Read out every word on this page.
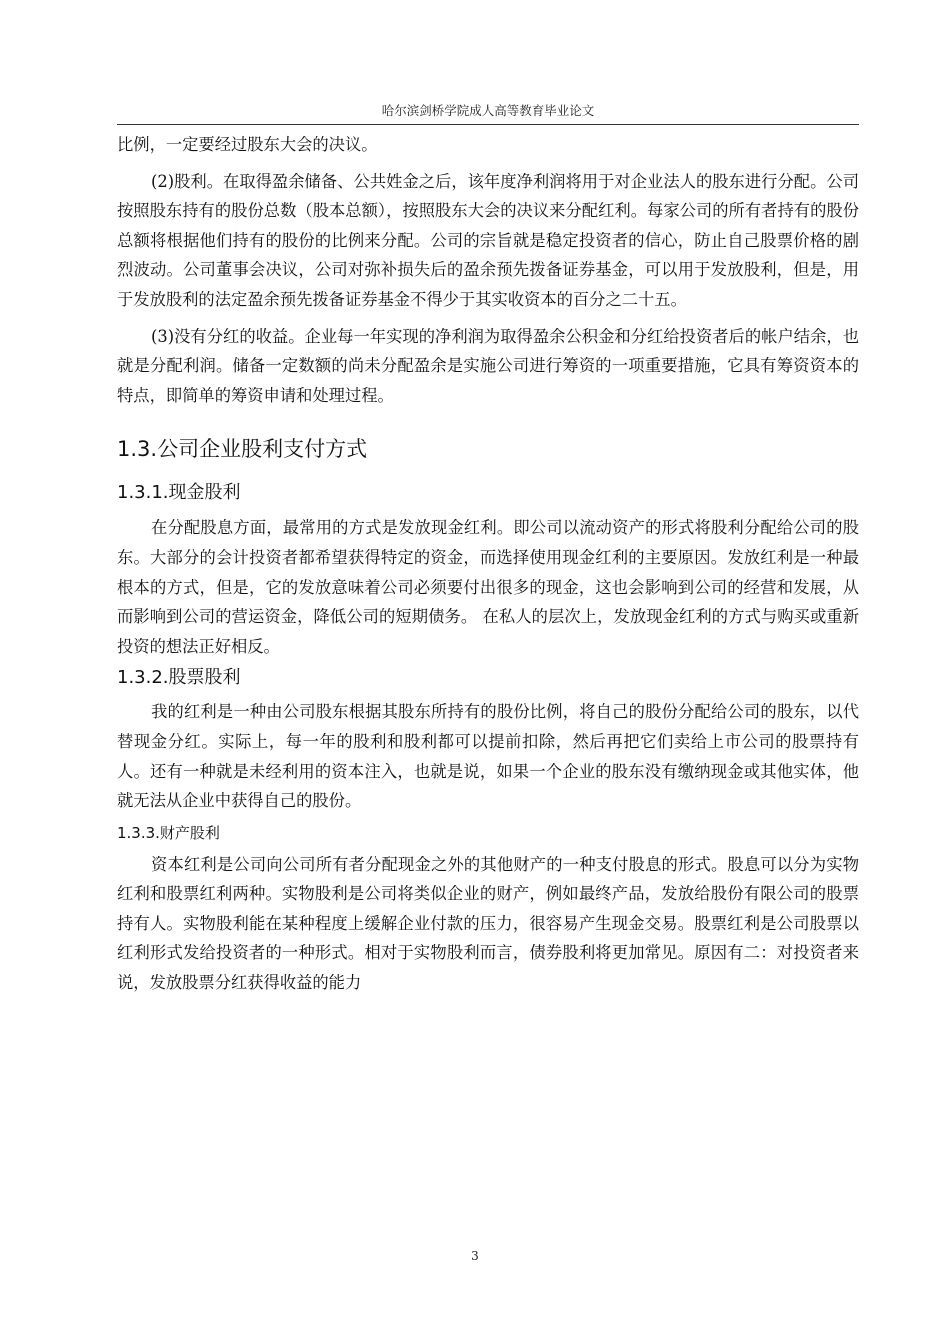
哈尔滨剑桥学院成人高等教育毕业论文

比例，一定要经过股东大会的决议。

(2)股利。在取得盈余储备、公共姓金之后，该年度净利润将用于对企业法人的股东进行分配。公司按照股东持有的股份总数（股本总额），按照股东大会的决议来分配红利。每家公司的所有者持有的股份总额将根据他们持有的股份的比例来分配。公司的宗旨就是稳定投资者的信心，防止自己股票价格的剧烈波动。公司董事会决议，公司对弥补损失后的盈余预先拨备证券基金，可以用于发放股利，但是，用于发放股利的法定盈余预先拨备证券基金不得少于其实收资本的百分之二十五。

(3)没有分红的收益。企业每一年实现的净利润为取得盈余公积金和分红给投资者后的帐户结余，也就是分配利润。储备一定数额的尚未分配盈余是实施公司进行筹资的一项重要措施，它具有筹资资本的特点，即简单的筹资申请和处理过程。

1.3.公司企业股利支付方式
1.3.1.现金股利

在分配股息方面，最常用的方式是发放现金红利。即公司以流动资产的形式将股利分配给公司的股东。大部分的会计投资者都希望获得特定的资金，而选择使用现金红利的主要原因。发放红利是一种最根本的方式，但是，它的发放意味着公司必须要付出很多的现金，这也会影响到公司的经营和发展，从而影响到公司的营运资金，降低公司的短期债务。 在私人的层次上，发放现金红利的方式与购买或重新投资的想法正好相反。

1.3.2.股票股利

我的红利是一种由公司股东根据其股东所持有的股份比例，将自己的股份分配给公司的股东，以代替现金分红。实际上，每一年的股利和股利都可以提前扣除，然后再把它们卖给上市公司的股票持有人。还有一种就是未经利用的资本注入，也就是说，如果一个企业的股东没有缴纳现金或其他实体，他就无法从企业中获得自己的股份。

1.3.3.财产股利

资本红利是公司向公司所有者分配现金之外的其他财产的一种支付股息的形式。股息可以分为实物红利和股票红利两种。实物股利是公司将类似企业的财产，例如最终产品，发放给股份有限公司的股票持有人。实物股利能在某种程度上缓解企业付款的压力，很容易产生现金交易。股票红利是公司股票以红利形式发给投资者的一种形式。相对于实物股利而言，债券股利将更加常见。原因有二：对投资者来说，发放股票分红获得收益的能力

3
